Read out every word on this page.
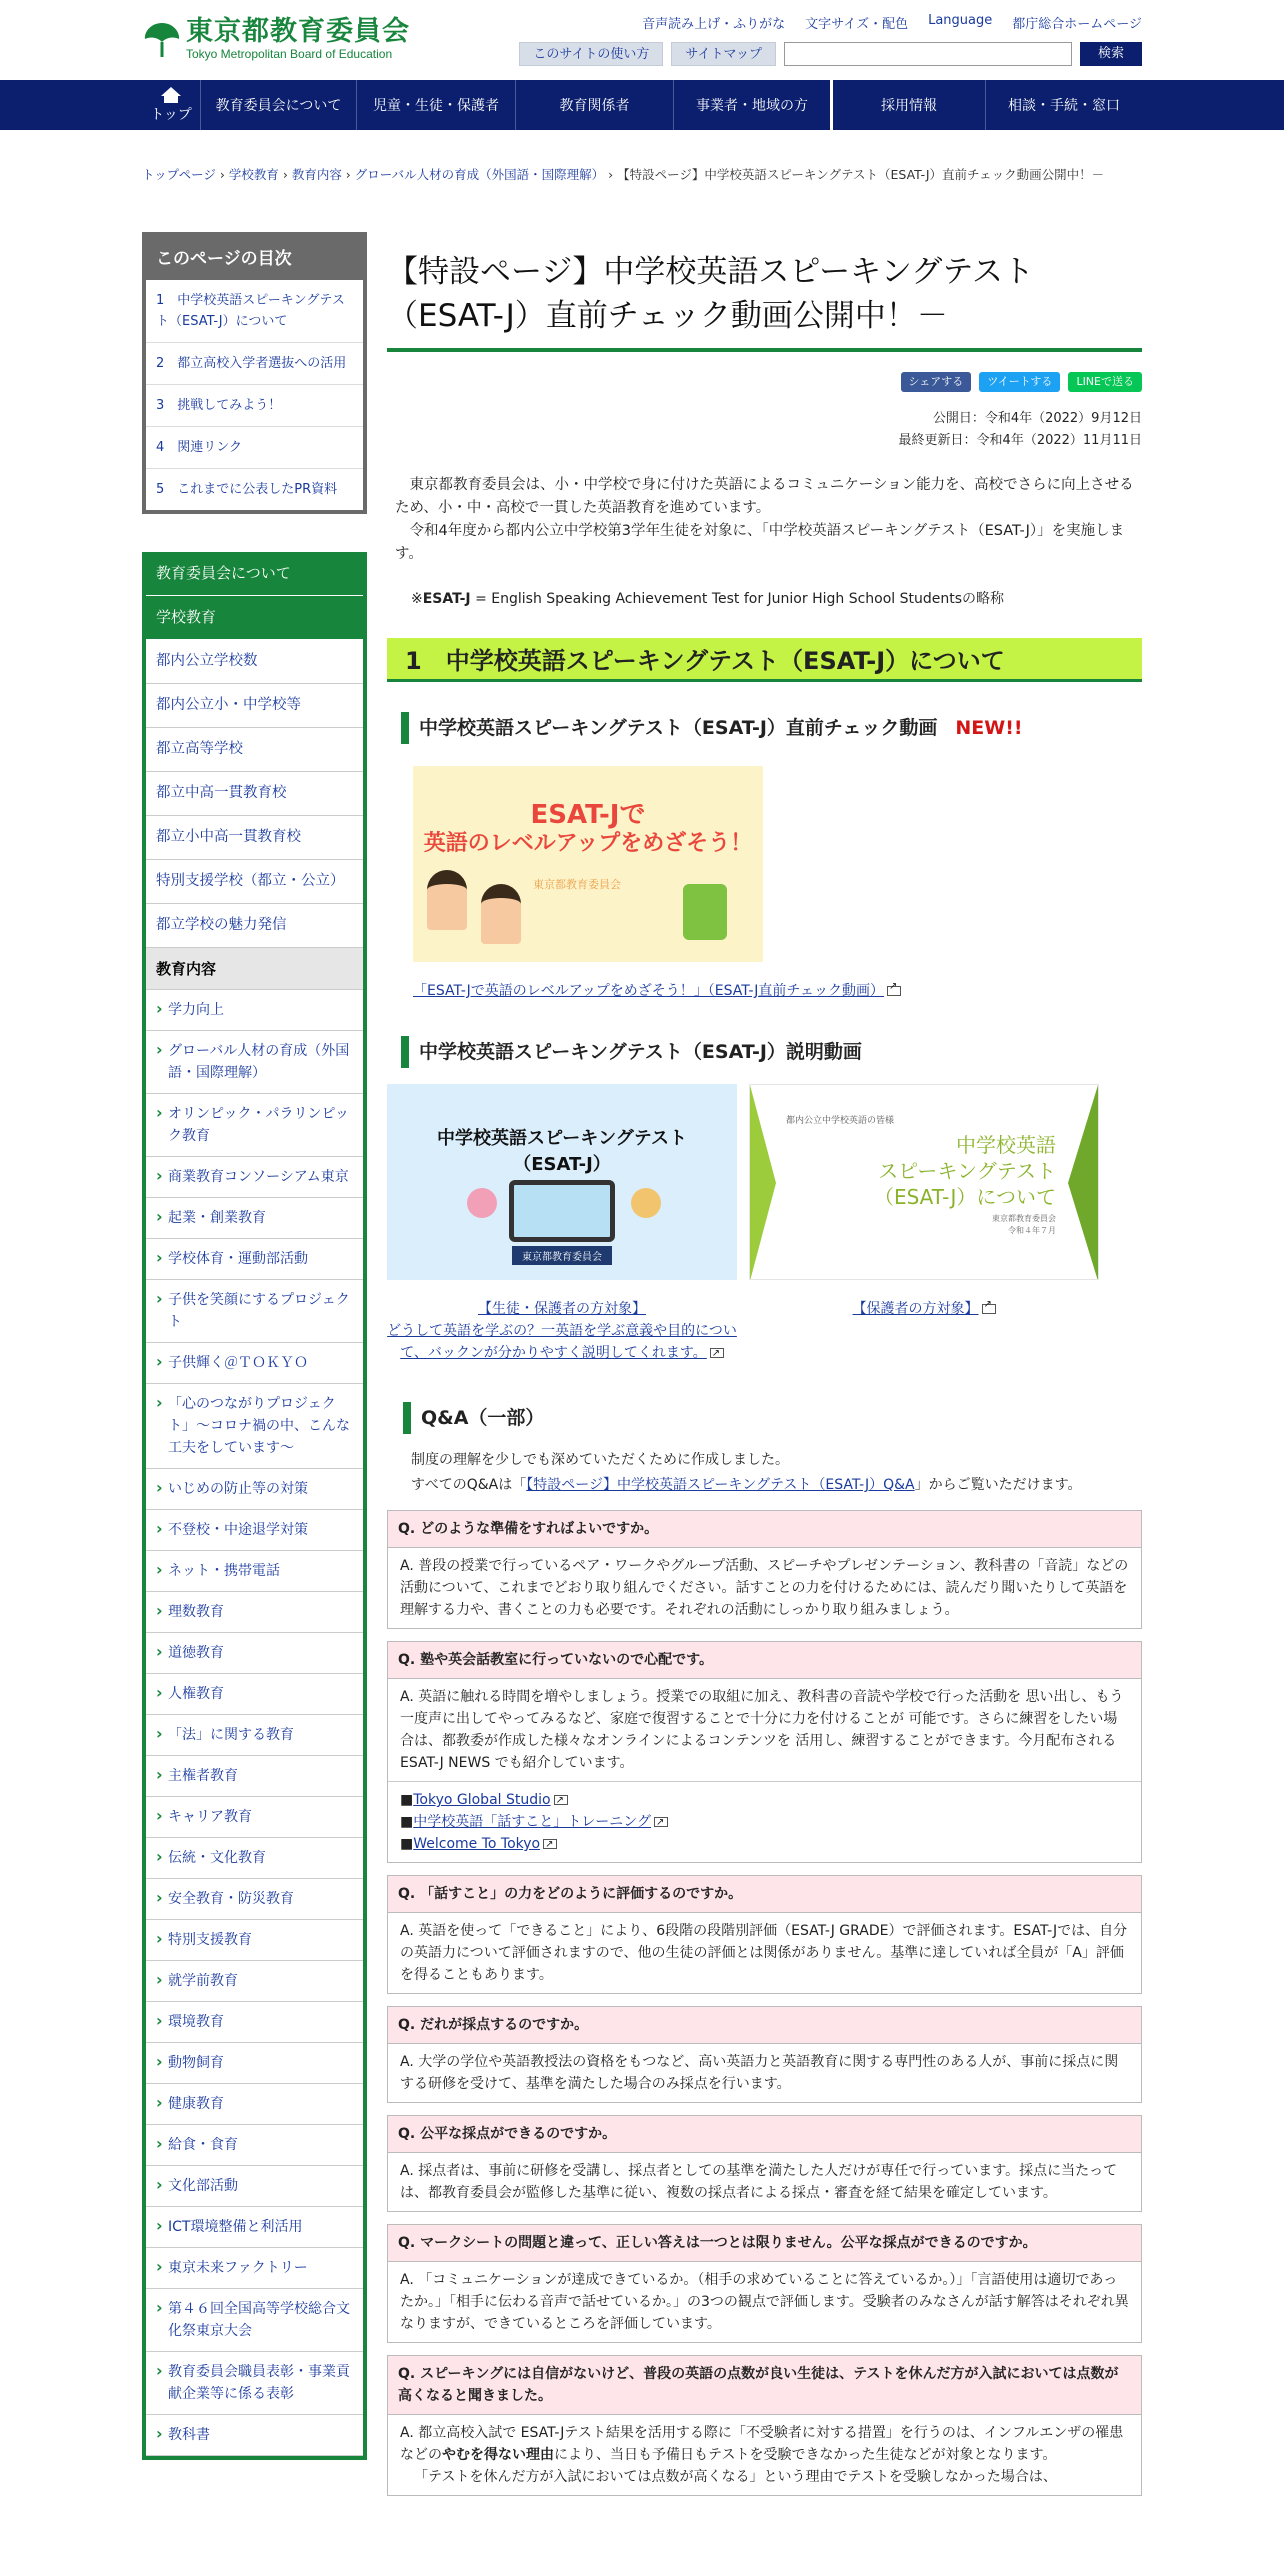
東京都教育委員会
Tokyo Metropolitan Board of Education
音声読み上げ・ふりがな 文字サイズ・配色 Language 都庁総合ホームページ
このサイトの使い方	サイトマップ	検索
トップ
教育委員会について	児童・生徒・保護者	教育関係者	事業者・地域の方	採用情報	相談・手続・窓口
トップページ › 学校教育 › 教育内容 › グローバル人材の育成（外国語・国際理解） › 【特設ページ】中学校英語スピーキングテスト（ESAT-J）直前チェック動画公開中！－
このページの目次
1　中学校英語スピーキングテスト（ESAT-J）について
2　都立高校入学者選抜への活用
3　挑戦してみよう！
4　関連リンク
5　これまでに公表したPR資料
教育委員会について
学校教育
都内公立学校数
都内公立小・中学校等
都立高等学校
都立中高一貫教育校
都立小中高一貫教育校
特別支援学校（都立・公立）
都立学校の魅力発信
教育内容
› 学力向上
› グローバル人材の育成（外国語・国際理解）
› オリンピック・パラリンピック教育
› 商業教育コンソーシアム東京
› 起業・創業教育
› 学校体育・運動部活動
› 子供を笑顔にするプロジェクト
› 子供輝く＠ＴＯＫＹＯ
› 「心のつながりプロジェクト」～コロナ禍の中、こんな工夫をしています～
› いじめの防止等の対策
› 不登校・中途退学対策
› ネット・携帯電話
› 理数教育
› 道徳教育
› 人権教育
› 「法」に関する教育
› 主権者教育
› キャリア教育
› 伝統・文化教育
› 安全教育・防災教育
› 特別支援教育
› 就学前教育
› 環境教育
› 動物飼育
› 健康教育
› 給食・食育
› 文化部活動
› ICT環境整備と利活用
› 東京未来ファクトリー
› 第４６回全国高等学校総合文化祭東京大会
› 教育委員会職員表彰・事業貢献企業等に係る表彰
› 教科書
【特設ページ】中学校英語スピーキングテスト（ESAT-J）直前チェック動画公開中！－
シェアする	ツイートする	LINEで送る
公開日：令和4年（2022）9月12日
最終更新日：令和4年（2022）11月11日

東京都教育委員会は、小・中学校で身に付けた英語によるコミュニケーション能力を、高校でさらに向上させるため、小・中・高校で一貫した英語教育を進めています。

令和4年度から都内公立中学校第3学年生徒を対象に、「中学校英語スピーキングテスト（ESAT-J）」を実施します。

※ESAT-J = English Speaking Achievement Test for Junior High School Studentsの略称
1　中学校英語スピーキングテスト（ESAT-J）について
中学校英語スピーキングテスト（ESAT-J）直前チェック動画 NEW!!
ESAT-Jで
英語のレベルアップをめざそう！
東京都教育委員会
「ESAT-Jで英語のレベルアップをめざそう！」（ESAT-J直前チェック動画）↗
中学校英語スピーキングテスト（ESAT-J）説明動画
中学校英語スピーキングテスト
（ESAT-J）
東京都教育委員会
都内公立中学校英語の皆様
中学校英語
スピーキングテスト
（ESAT-J）について
東京都教育委員会
令和４年７月
【生徒・保護者の方対象】
どうして英語を学ぶの？一英語を学ぶ意義や目的について、バックンが分かりやすく説明してくれます。↗
【保護者の方対象】↗
Q&A（一部）
制度の理解を少しでも深めていただくために作成しました。
すべてのQ&Aは「【特設ページ】中学校英語スピーキングテスト（ESAT-J）Q&A」からご覧いただけます。
Q. どのような準備をすればよいですか。
A. 普段の授業で行っているペア・ワークやグループ活動、スピーチやプレゼンテーション、教科書の「音読」などの活動について、これまでどおり取り組んでください。話すことの力を付けるためには、読んだり聞いたりして英語を理解する力や、書くことの力も必要です。それぞれの活動にしっかり取り組みましょう。
Q. 塾や英会話教室に行っていないので心配です。
A. 英語に触れる時間を増やしましょう。授業での取組に加え、教科書の音読や学校で行った活動を 思い出し、もう一度声に出してやってみるなど、家庭で復習することで十分に力を付けることが 可能です。さらに練習をしたい場合は、都教委が作成した様々なオンラインによるコンテンツを 活用し、練習することができます。今月配布される ESAT-J NEWS でも紹介しています。
■Tokyo Global Studio↗
■中学校英語「話すこと」トレーニング↗
■Welcome To Tokyo↗
Q. 「話すこと」の力をどのように評価するのですか。
A. 英語を使って「できること」により、6段階の段階別評価（ESAT-J GRADE）で評価されます。ESAT-Jでは、自分の英語力について評価されますので、他の生徒の評価とは関係がありません。基準に達していれば全員が「A」評価を得ることもあります。
Q. だれが採点するのですか。
A. 大学の学位や英語教授法の資格をもつなど、高い英語力と英語教育に関する専門性のある人が、事前に採点に関する研修を受けて、基準を満たした場合のみ採点を行います。
Q. 公平な採点ができるのですか。
A. 採点者は、事前に研修を受講し、採点者としての基準を満たした人だけが専任で行っています。採点に当たっては、都教育委員会が監修した基準に従い、複数の採点者による採点・審査を経て結果を確定しています。
Q. マークシートの問題と違って、正しい答えは一つとは限りません。公平な採点ができるのですか。
A. 「コミュニケーションが達成できているか。（相手の求めていることに答えているか。）」「言語使用は適切であったか。」「相手に伝わる音声で話せているか。」の3つの観点で評価します。受験者のみなさんが話す解答はそれぞれ異なりますが、できているところを評価しています。
Q. スピーキングには自信がないけど、普段の英語の点数が良い生徒は、テストを休んだ方が入試においては点数が高くなると聞きました。
A. 都立高校入試で ESAT-Jテスト結果を活用する際に「不受験者に対する措置」を行うのは、インフルエンザの罹患などのやむを得ない理由により、当日も予備日もテストを受験できなかった生徒などが対象となります。
「テストを休んだ方が入試においては点数が高くなる」という理由でテストを受験しなかった場合は、
